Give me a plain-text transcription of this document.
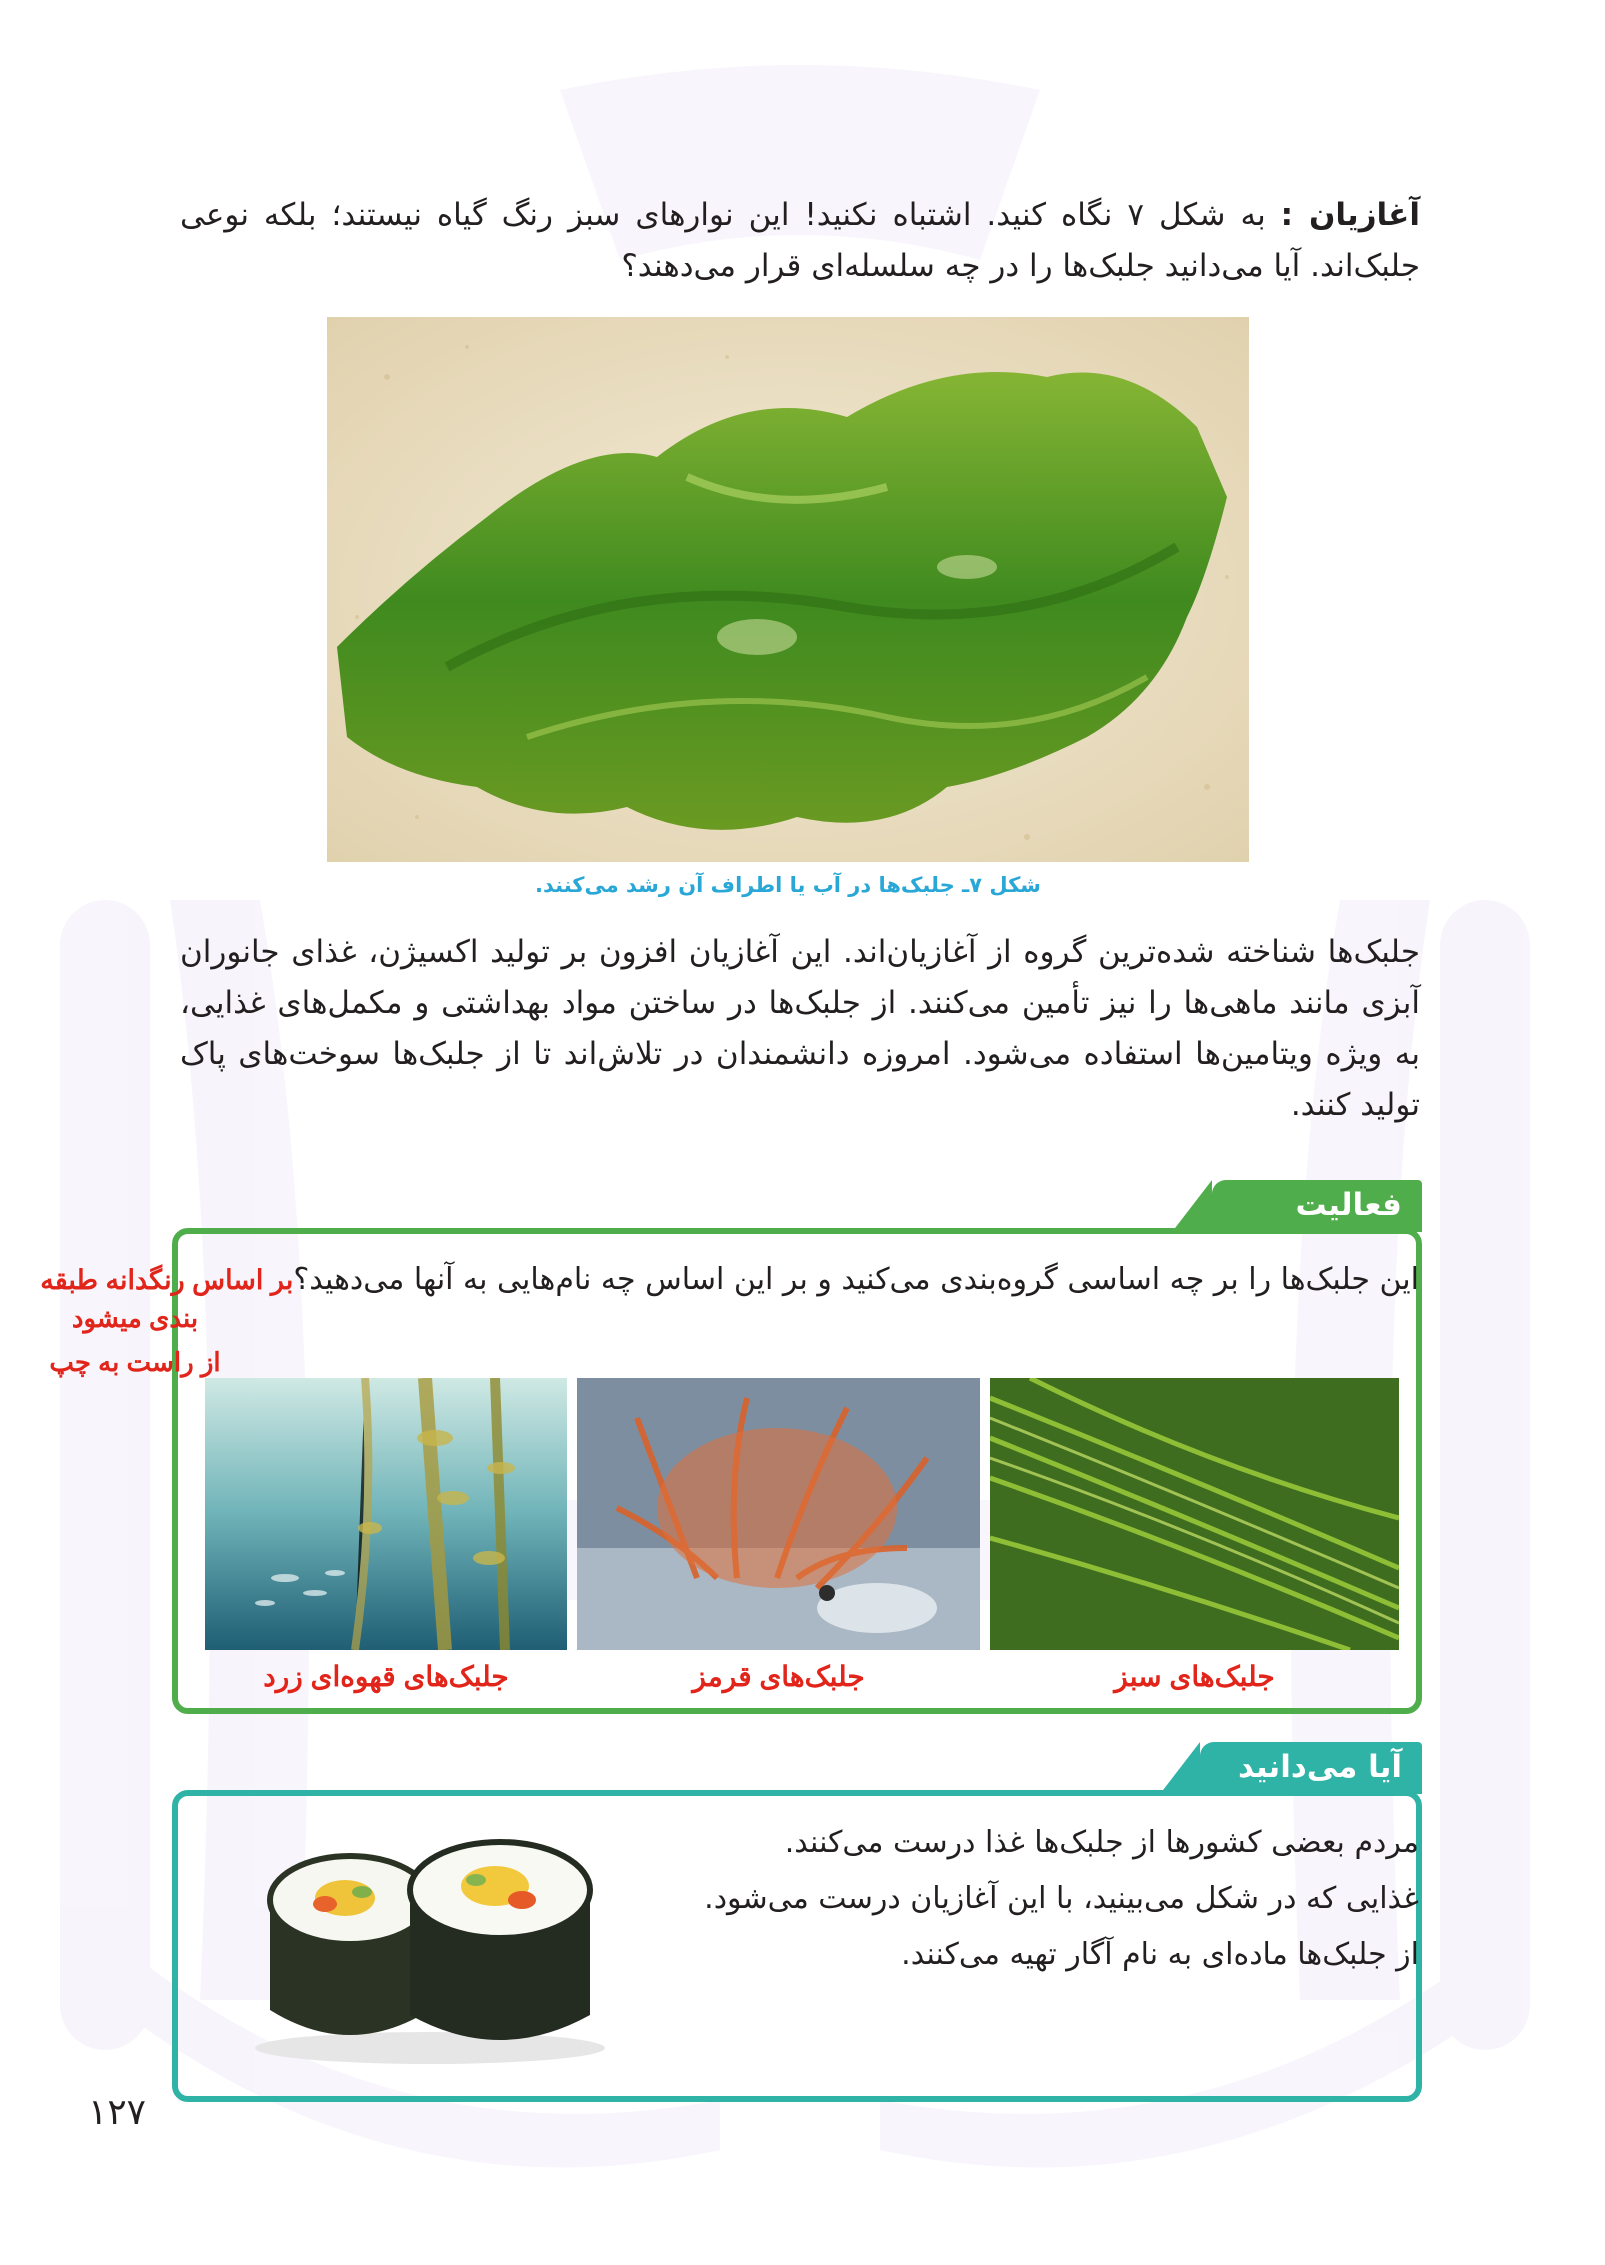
آغازیان : به شکل ۷ نگاه کنید. اشتباه نکنید! این نوارهای سبز رنگ گیاه نیستند؛ بلکه نوعی

جلبک‌اند. آیا می‌دانید جلبک‌ها را در چه سلسله‌ای قرار می‌دهند؟

شکل ۷ـ جلبک‌ها در آب یا اطراف آن رشد می‌کنند.

جلبک‌ها شناخته شده‌ترین گروه از آغازیان‌اند. این آغازیان افزون بر تولید اکسیژن، غذای جانوران

آبزی مانند ماهی‌ها را نیز تأمین می‌کنند. از جلبک‌ها در ساختن مواد بهداشتی و مکمل‌های غذایی،

به ویژه ویتامین‌ها استفاده می‌شود. امروزه دانشمندان در تلاش‌اند تا از جلبک‌ها سوخت‌های پاک

تولید کنند.

فعالیت
این جلبک‌ها را بر چه اساسی گروه‌بندی می‌کنید و بر این اساس چه نام‌هایی به آنها می‌دهید؟بر اساس رنگدانه طبقه
بندی میشود
از راست به چپ
جلبک‌های سبز
جلبک‌های قرمز
جلبک‌های قهوه‌ای زرد
آیا می‌دانید

مردم بعضی کشورها از جلبک‌ها غذا درست می‌کنند.

غذایی که در شکل می‌بینید، با این آغازیان درست می‌شود.

از جلبک‌ها ماده‌ای به نام آگار تهیه می‌کنند.

۱۲۷
